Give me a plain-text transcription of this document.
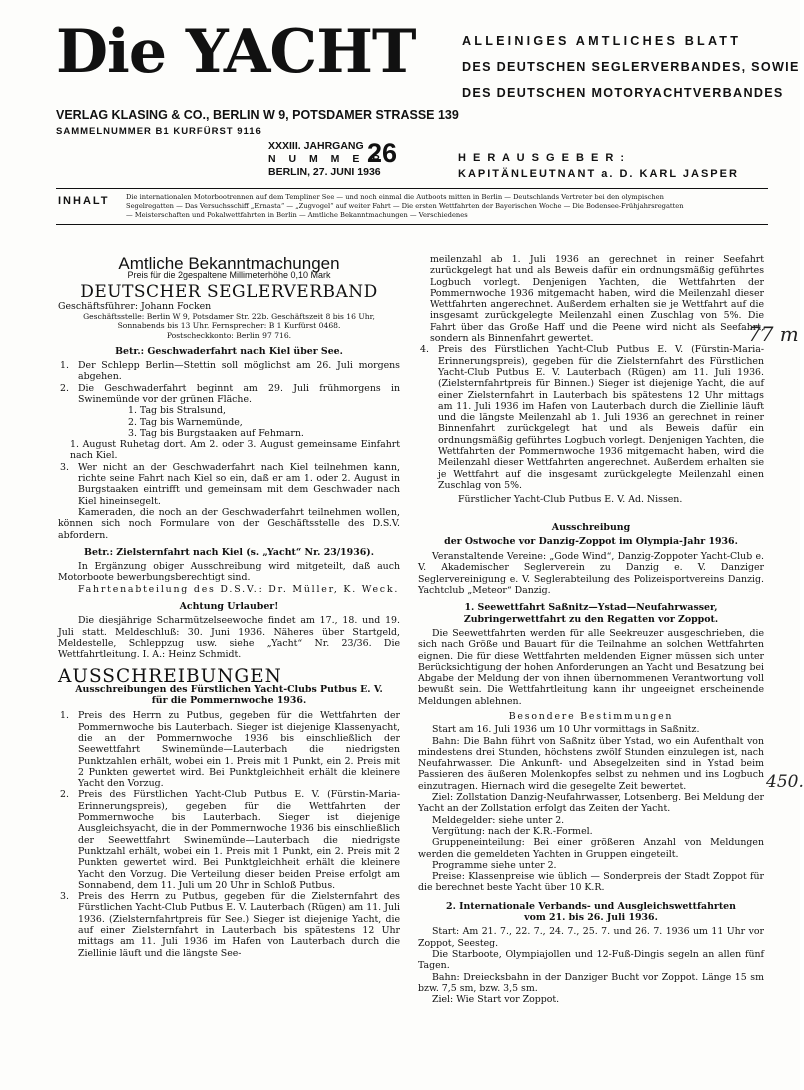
Die YACHT	ALLEINIGES AMTLICHES BLATT
DES DEUTSCHEN SEGLERVERBANDES, SOWIE
DES DEUTSCHEN MOTORYACHTVERBANDES
VERLAG KLASING & CO., BERLIN W 9, POTSDAMER STRASSE 139
SAMMELNUMMER B1 KURFÜRST 9116
XXXIII. JAHRGANG
N U M M E R
BERLIN, 27. JUNI 1936
26	H E R A U S G E B E R :
KAPITÄNLEUTNANT a. D. KARL JASPER
INHALT Die internationalen Motorbootrennen auf dem Templiner See — und noch einmal die Autboots mitten in Berlin — Deutschlands Vertreter bei den olympischen
Segelregatten — Das Versuchsschiff „Ernasta“ — „Zugvogel“ auf weiter Fahrt — Die ersten Wettfahrten der Bayerischen Woche — Die Bodensee-Frühjahrsregatten
— Meisterschaften und Pokalwettfahrten in Berlin — Amtliche Bekanntmachungen — Verschiedenes
Amtliche Bekanntmachungen
Preis für die 2gespaltene Millimeterhöhe 0,10 Mark
DEUTSCHER SEGLERVERBAND

Geschäftsführer: Johann Focken

Geschäftsstelle: Berlin W 9, Potsdamer Str. 22b. Geschäftszeit 8 bis 16 Uhr,
Sonnabends bis 13 Uhr. Fernsprecher: B 1 Kurfürst 0468.
Postscheckkonto: Berlin 97 716.
Betr.: Geschwaderfahrt nach Kiel über See.
1. Der Schlepp Berlin—Stettin soll möglichst am 26. Juli morgens abgehen.
2. Die Geschwaderfahrt beginnt am 29. Juli frühmorgens in Swinemünde vor der grünen Fläche.
1. Tag bis Stralsund,
2. Tag bis Warnemünde,
3. Tag bis Burgstaaken auf Fehmarn.

1. August Ruhetag dort. Am 2. oder 3. August gemeinsame Einfahrt nach Kiel.

3. Wer nicht an der Geschwaderfahrt nach Kiel teilnehmen kann, richte seine Fahrt nach Kiel so ein, daß er am 1. oder 2. August in Burgstaaken eintrifft und gemeinsam mit dem Geschwader nach Kiel hineinsegelt.

Kameraden, die noch an der Geschwaderfahrt teilnehmen wollen, können sich noch Formulare von der Geschäftsstelle des D.S.V. abfordern.

Betr.: Zielsternfahrt nach Kiel (s. „Yacht“ Nr. 23/1936).

In Ergänzung obiger Ausschreibung wird mitgeteilt, daß auch Motorboote bewerbungsberechtigt sind.

Fahrtenabteilung des D.S.V.: Dr. Müller, K. Weck.

Achtung Urlauber!

Die diesjährige Scharmützelseewoche findet am 17., 18. und 19. Juli statt. Meldeschluß: 30. Juni 1936. Näheres über Startgeld, Meldestelle, Schleppzug usw. siehe „Yacht“ Nr. 23/36. Die Wettfahrtleitung. I. A.: Heinz Schmidt.

AUSSCHREIBUNGEN
Ausschreibungen des Fürstlichen Yacht-Clubs Putbus E. V.
für die Pommernwoche 1936.
1. Preis des Herrn zu Putbus, gegeben für die Wettfahrten der Pommernwoche bis Lauterbach. Sieger ist diejenige Klassenyacht, die an der Pommernwoche 1936 bis einschließlich der Seewettfahrt Swinemünde—Lauterbach die niedrigsten Punktzahlen erhält, wobei ein 1. Preis mit 1 Punkt, ein 2. Preis mit 2 Punkten gewertet wird. Bei Punktgleichheit erhält die kleinere Yacht den Vorzug.
2. Preis des Fürstlichen Yacht-Club Putbus E. V. (Fürstin-Maria-Erinnerungspreis), gegeben für die Wettfahrten der Pommernwoche bis Lauterbach. Sieger ist diejenige Ausgleichsyacht, die in der Pommernwoche 1936 bis einschließlich der Seewettfahrt Swinemünde—Lauterbach die niedrigste Punktzahl erhält, wobei ein 1. Preis mit 1 Punkt, ein 2. Preis mit 2 Punkten gewertet wird. Bei Punktgleichheit erhält die kleinere Yacht den Vorzug. Die Verteilung dieser beiden Preise erfolgt am Sonnabend, dem 11. Juli um 20 Uhr in Schloß Putbus.
3. Preis des Herrn zu Putbus, gegeben für die Zielsternfahrt des Fürstlichen Yacht-Club Putbus E. V. Lauterbach (Rügen) am 11. Juli 1936. (Zielsternfahrtpreis für See.) Sieger ist diejenige Yacht, die auf einer Zielsternfahrt in Lauterbach bis spätestens 12 Uhr mittags am 11. Juli 1936 im Hafen von Lauterbach durch die Ziellinie läuft und die längste See-

meilenzahl ab 1. Juli 1936 an gerechnet in reiner Seefahrt zurückgelegt hat und als Beweis dafür ein ordnungsmäßig geführtes Logbuch vorlegt. Denjenigen Yachten, die Wettfahrten der Pommernwoche 1936 mitgemacht haben, wird die Meilenzahl dieser Wettfahrten angerechnet. Außerdem erhalten sie je Wettfahrt auf die insgesamt zurückgelegte Meilenzahl einen Zuschlag von 5%. Die Fahrt über das Große Haff und die Peene wird nicht als Seefahrt, sondern als Binnenfahrt gewertet.

4. Preis des Fürstlichen Yacht-Club Putbus E. V. (Fürstin-Maria-Erinnerungspreis), gegeben für die Zielsternfahrt des Fürstlichen Yacht-Club Putbus E. V. Lauterbach (Rügen) am 11. Juli 1936. (Zielsternfahrtpreis für Binnen.) Sieger ist diejenige Yacht, die auf einer Zielsternfahrt in Lauterbach bis spätestens 12 Uhr mittags am 11. Juli 1936 im Hafen von Lauterbach durch die Ziellinie läuft und die längste Meilenzahl ab 1. Juli 1936 an gerechnet in reiner Binnenfahrt zurückgelegt hat und als Beweis dafür ein ordnungsmäßig geführtes Logbuch vorlegt. Denjenigen Yachten, die Wettfahrten der Pommernwoche 1936 mitgemacht haben, wird die Meilenzahl dieser Wettfahrten angerechnet. Außerdem erhalten sie je Wettfahrt auf die insgesamt zurückgelegte Meilenzahl einen Zuschlag von 5%.

Fürstlicher Yacht-Club Putbus E. V. Ad. Nissen.

Ausschreibung
der Ostwoche vor Danzig-Zoppot im Olympia-Jahr 1936.

Veranstaltende Vereine: „Gode Wind“, Danzig-Zoppoter Yacht-Club e. V. Akademischer Seglerverein zu Danzig e. V. Danziger Seglervereinigung e. V. Seglerabteilung des Polizeisportvereins Danzig. Yachtclub „Meteor“ Danzig.

1. Seewettfahrt Saßnitz—Ystad—Neufahrwasser,
Zubringerwettfahrt zu den Regatten vor Zoppot.

Die Seewettfahrten werden für alle Seekreuzer ausgeschrieben, die sich nach Größe und Bauart für die Teilnahme an solchen Wettfahrten eignen. Die für diese Wettfahrten meldenden Eigner müssen sich unter Berücksichtigung der hohen Anforderungen an Yacht und Besatzung bei Abgabe der Meldung der von ihnen übernommenen Verantwortung voll bewußt sein. Die Wettfahrtleitung kann ihr ungeeignet erscheinende Meldungen ablehnen.

Besondere Bestimmungen

Start am 16. Juli 1936 um 10 Uhr vormittags in Saßnitz.

Bahn: Die Bahn führt von Saßnitz über Ystad, wo ein Aufenthalt von mindestens drei Stunden, höchstens zwölf Stunden einzulegen ist, nach Neufahrwasser. Die Ankunft- und Absegelzeiten sind in Ystad beim Passieren des äußeren Molenkopfes selbst zu nehmen und ins Logbuch einzutragen. Hiernach wird die gesegelte Zeit bewertet.

Ziel: Zollstation Danzig-Neufahrwasser, Lotsenberg. Bei Meldung der Yacht an der Zollstation erfolgt das Zeiten der Yacht.

Meldegelder: siehe unter 2.

Vergütung: nach der K.R.-Formel.

Gruppeneinteilung: Bei einer größeren Anzahl von Meldungen werden die gemeldeten Yachten in Gruppen eingeteilt.

Programme siehe unter 2.

Preise: Klassenpreise wie üblich — Sonderpreis der Stadt Zoppot für die berechnet beste Yacht über 10 K.R.

2. Internationale Verbands- und Ausgleichswettfahrten
vom 21. bis 26. Juli 1936.

Start: Am 21. 7., 22. 7., 24. 7., 25. 7. und 26. 7. 1936 um 11 Uhr vor Zoppot, Seesteg.

Die Starboote, Olympiajollen und 12-Fuß-Dingis segeln an allen fünf Tagen.

Bahn: Dreiecksbahn in der Danziger Bucht vor Zoppot. Länge 15 sm bzw. 7,5 sm, bzw. 3,5 sm.

Ziel: Wie Start vor Zoppot.

77 m
450.
